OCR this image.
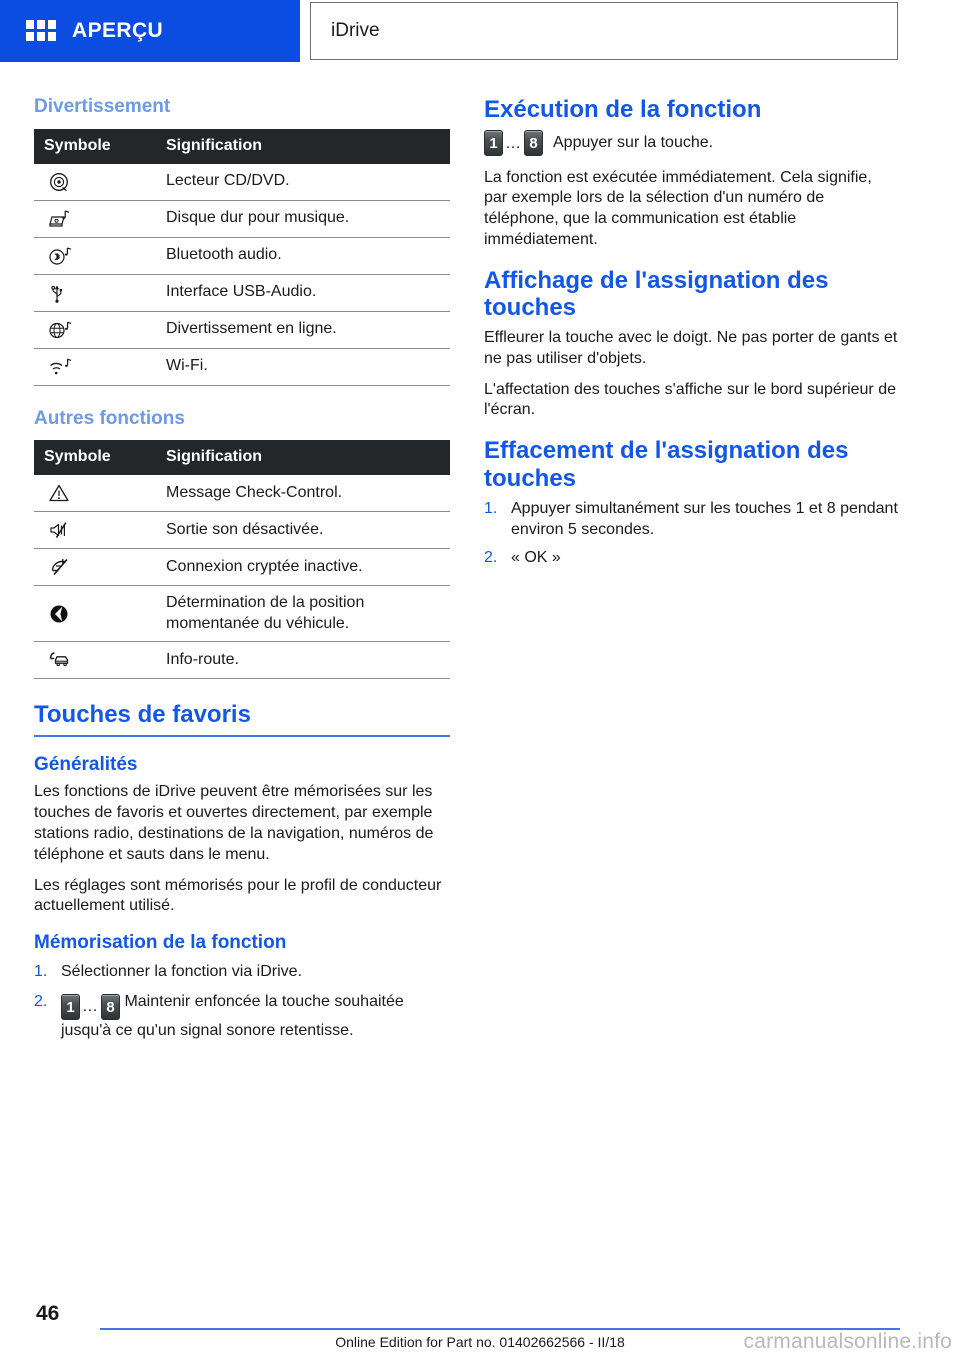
APERÇU	iDrive
Divertissement
Symbole	Signification

	Lecteur CD/DVD.

	Disque dur pour musique.

	Bluetooth audio.

	Interface USB-Audio.

	Divertissement en ligne.

	Wi-Fi.
Autres fonctions
Symbole	Signification

	Message Check-Control.

	Sortie son désactivée.

	Connexion cryptée inactive.

	Détermination de la position momentanée du véhicule.

	Info-route.
Touches de favoris
Généralités

Les fonctions de iDrive peuvent être mémorisées sur les touches de favoris et ouvertes directement, par exemple stations radio, destinations de la navigation, numéros de téléphone et sauts dans le menu.

Les réglages sont mémorisés pour le profil de conducteur actuellement utilisé.

Mémorisation de la fonction
1. Sélectionner la fonction via iDrive.
2.	1 … 8 Maintenir enfoncée la touche souhaitée jusqu'à ce qu'un signal sonore retentisse.
Exécution de la fonction
1 … 8 Appuyer sur la touche.

La fonction est exécutée immédiatement. Cela signifie, par exemple lors de la sélection d'un numéro de téléphone, que la communication est établie immédiatement.

Affichage de l'assignation des touches

Effleurer la touche avec le doigt. Ne pas porter de gants et ne pas utiliser d'objets.

L'affectation des touches s'affiche sur le bord supérieur de l'écran.

Effacement de l'assignation des touches
1. Appuyer simultanément sur les touches 1 et 8 pendant environ 5 secondes.
2. « OK »
46
Online Edition for Part no. 01402662566 - II/18	carmanualsonline.info
